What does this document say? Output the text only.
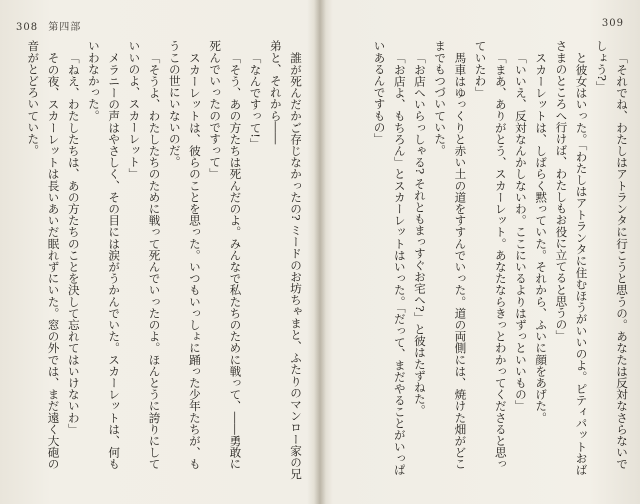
308 第四部

誰が死んだかご存じなかったの? ミードのお坊ちゃまと、ふたりのマンロー家の兄弟と、それから――

「なんですって!」

「そう、あの方たちは死んだのよ。みんなで私たちのために戦って、――勇敢に死んでいったのですって」

スカーレットは、彼らのことを思った。いつもいっしょに踊った少年たちが、もうこの世にいないのだ。

「そうよ、わたしたちのために戦って死んでいったのよ。ほんとうに誇りにしていいのよ、スカーレット」

メラニーの声はやさしく、その目には涙がうかんでいた。スカーレットは、何もいわなかった。

「ねえ、わたしたちは、あの方たちのことを決して忘れてはいけないわ」

その夜、スカーレットは長いあいだ眠れずにいた。窓の外では、まだ遠く大砲の音がとどろいていた。

309

「それでね、わたしはアトランタに行こうと思うの。あなたは反対なさらないでしょう?」

と彼女はいった。「わたしはアトランタに住むほうがいいのよ。ピティパットおばさまのところへ行けば、わたしもお役に立てると思うの」

スカーレットは、しばらく黙っていた。それから、ふいに顔をあげた。

「いいえ、反対なんかしないわ。ここにいるよりはずっといいもの」

「まあ、ありがとう、スカーレット。あなたならきっとわかってくださると思っていたわ」

馬車はゆっくりと赤い土の道をすすんでいった。道の両側には、焼けた畑がどこまでもつづいていた。

「お店へいらっしゃる? それともまっすぐお宅へ?」と彼はたずねた。

「お店よ、もちろん」とスカーレットはいった。「だって、まだやることがいっぱいあるんですもの」
